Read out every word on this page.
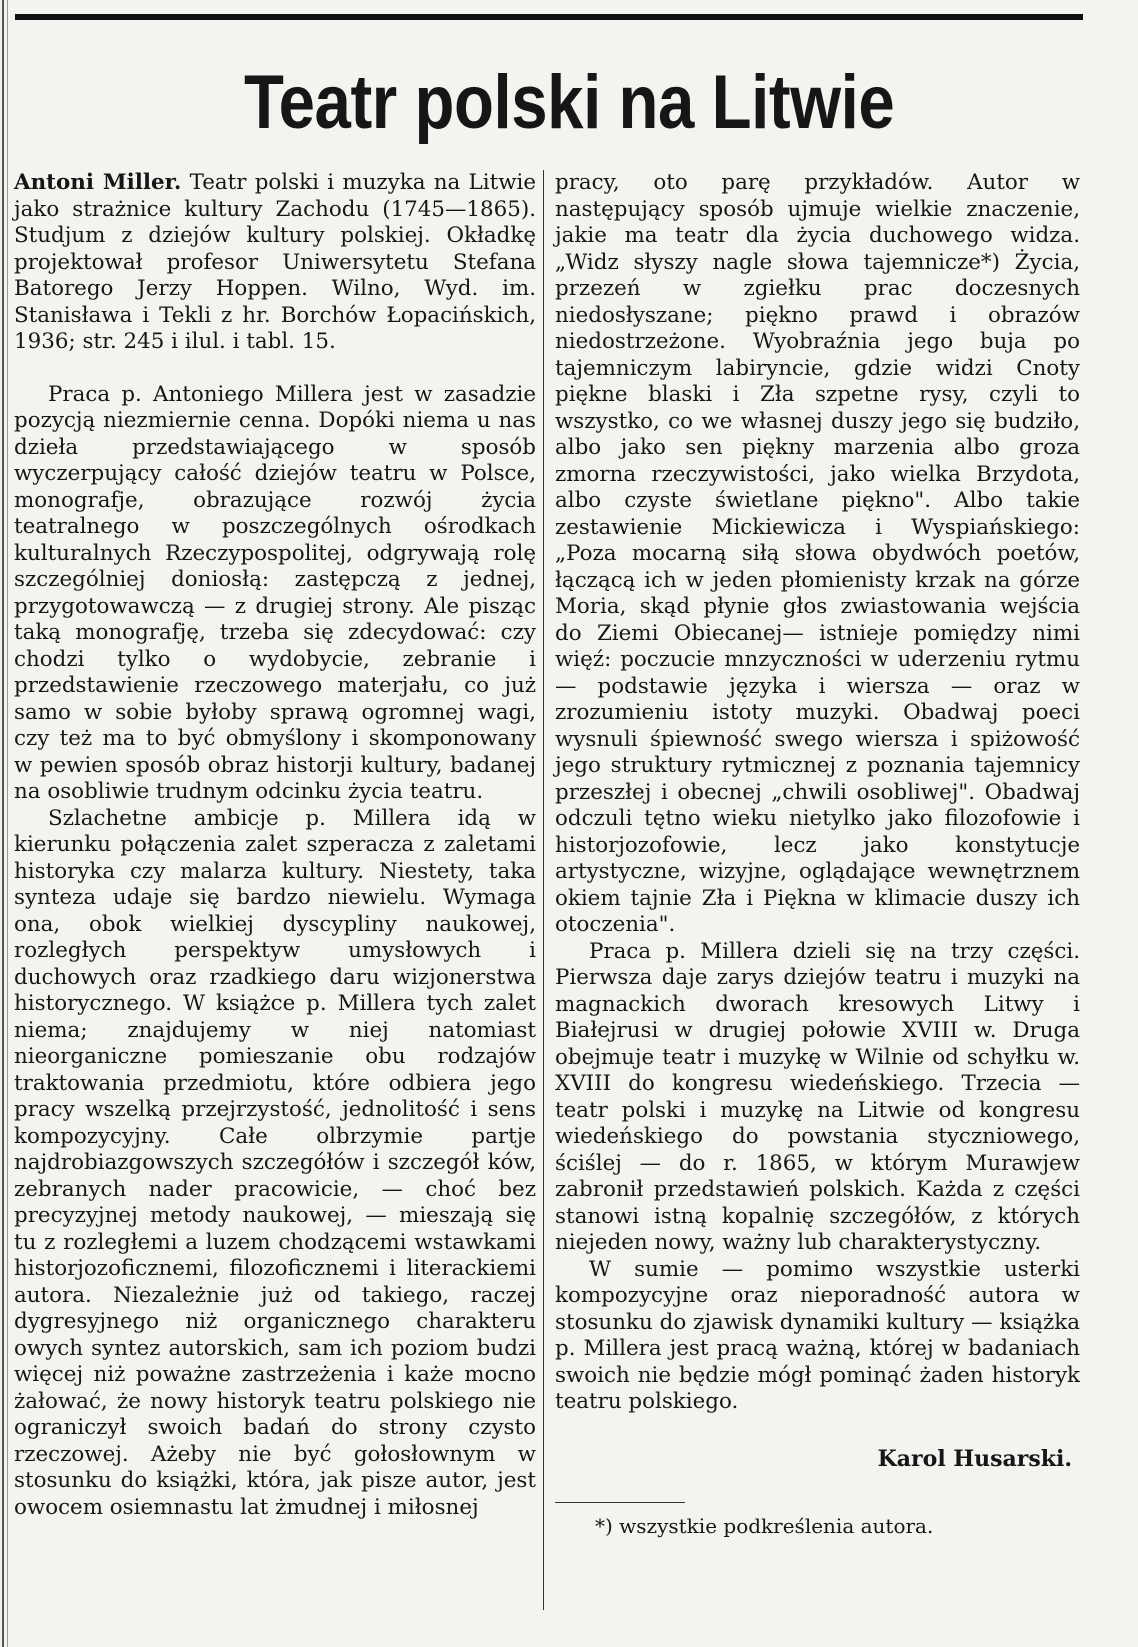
Teatr polski na Litwie

Antoni Miller. Teatr polski i muzyka na Litwie jako strażnice kultury Zachodu (1745—1865). Studjum z dziejów kultury polskiej. Okładkę projektował profesor Uniwersytetu Stefana Batorego Jerzy Hoppen. Wilno, Wyd. im. Stanisława i Tekli z hr. Borchów Łopacińskich, 1936; str. 245 i ilul. i tabl. 15.

Praca p. Antoniego Millera jest w zasadzie pozycją niezmiernie cenna. Dopóki niema u nas dzieła przedstawiającego w sposób wyczerpujący całość dziejów teatru w Polsce, monografje, obrazujące rozwój życia teatralnego w poszczególnych ośrodkach kulturalnych Rzeczypospolitej, odgrywają rolę szczególniej doniosłą: zastępczą z jednej, przygotowawczą — z drugiej strony. Ale pisząc taką monografję, trzeba się zdecydować: czy chodzi tylko o wydobycie, zebranie i przedstawienie rzeczowego materjału, co już samo w sobie byłoby sprawą ogromnej wagi, czy też ma to być obmyślony i skomponowany w pewien sposób obraz historji kultury, badanej na osobliwie trudnym odcinku życia teatru.

Szlachetne ambicje p. Millera idą w kierunku połączenia zalet szperacza z zaletami historyka czy malarza kultury. Niestety, taka synteza udaje się bardzo niewielu. Wymaga ona, obok wielkiej dyscypliny naukowej, rozległych perspektyw umysłowych i duchowych oraz rzadkiego daru wizjonerstwa historycznego. W książce p. Millera tych zalet niema; znajdujemy w niej natomiast nieorganiczne pomieszanie obu rodzajów traktowania przedmiotu, które odbiera jego pracy wszelką przejrzystość, jednolitość i sens kompozycyjny. Całe olbrzymie partje najdrobiazgowszych szczegółów i szczegół ków, zebranych nader pracowicie, — choć bez precyzyjnej metody naukowej, — mieszają się tu z rozległemi a luzem chodzącemi wstawkami historjozoficznemi, filozoficznemi i literackiemi autora. Niezależnie już od takiego, raczej dygresyjnego niż organicznego charakteru owych syntez autorskich, sam ich poziom budzi więcej niż poważne zastrzeżenia i każe mocno żałować, że nowy historyk teatru polskiego nie ograniczył swoich badań do strony czysto rzeczowej. Ażeby nie być gołosłownym w stosunku do książki, która, jak pisze autor, jest owocem osiemnastu lat żmudnej i miłosnej

pracy, oto parę przykładów. Autor w następujący sposób ujmuje wielkie znaczenie, jakie ma teatr dla życia duchowego widza. „Widz słyszy nagle słowa tajemnicze*) Życia, przezeń w zgiełku prac doczesnych niedosłyszane; piękno prawd i obrazów niedostrzeżone. Wyobraźnia jego buja po tajemniczym labiryncie, gdzie widzi Cnoty piękne blaski i Zła szpetne rysy, czyli to wszystko, co we własnej duszy jego się budziło, albo jako sen piękny marzenia albo groza zmorna rzeczywistości, jako wielka Brzydota, albo czyste świetlane piękno". Albo takie zestawienie Mickiewicza i Wyspiańskiego: „Poza mocarną siłą słowa obydwóch poetów, łączącą ich w jeden płomienisty krzak na górze Moria, skąd płynie głos zwiastowania wejścia do Ziemi Obiecanej— istnieje pomiędzy nimi więź: poczucie mnzyczności w uderzeniu rytmu — podstawie języka i wiersza — oraz w zrozumieniu istoty muzyki. Obadwaj poeci wysnuli śpiewność swego wiersza i spiżowość jego struktury rytmicznej z poznania tajemnicy przeszłej i obecnej „chwili osobliwej". Obadwaj odczuli tętno wieku nietylko jako filozofowie i historjozofowie, lecz jako konstytucje artystyczne, wizyjne, oglądające wewnętrznem okiem tajnie Zła i Piękna w klimacie duszy ich otoczenia".

Praca p. Millera dzieli się na trzy części. Pierwsza daje zarys dziejów teatru i muzyki na magnackich dworach kresowych Litwy i Białejrusi w drugiej połowie XVIII w. Druga obejmuje teatr i muzykę w Wilnie od schyłku w. XVIII do kongresu wiedeńskiego. Trzecia — teatr polski i muzykę na Litwie od kongresu wiedeńskiego do powstania styczniowego, ściślej — do r. 1865, w którym Murawjew zabronił przedstawień polskich. Każda z części stanowi istną kopalnię szczegółów, z których niejeden nowy, ważny lub charakterystyczny.

W sumie — pomimo wszystkie usterki kompozycyjne oraz nieporadność autora w stosunku do zjawisk dynamiki kultury — książka p. Millera jest pracą ważną, której w badaniach swoich nie będzie mógł pominąć żaden historyk teatru polskiego.

Karol Husarski.
*) wszystkie podkreślenia autora.
